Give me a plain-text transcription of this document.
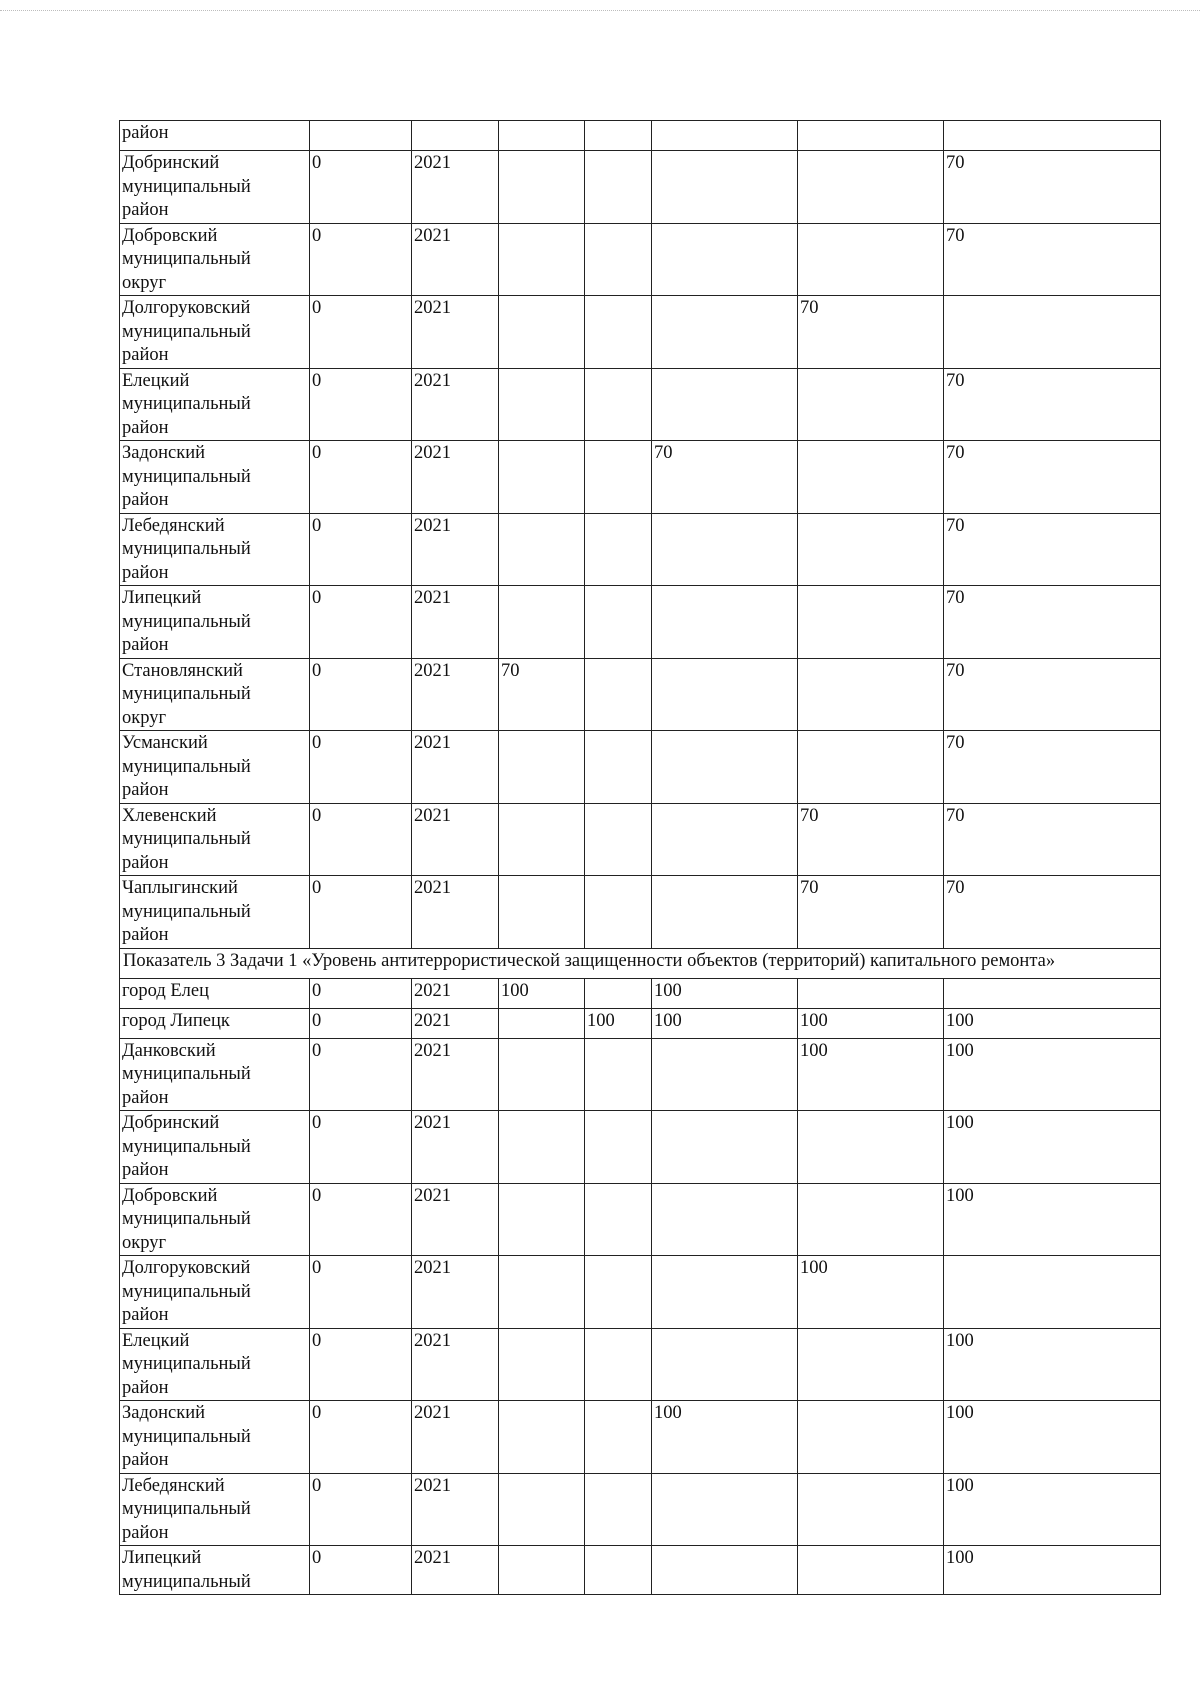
район							
Добринский
муниципальный
район	0	2021					70
Добровский
муниципальный
округ	0	2021					70
Долгоруковский
муниципальный
район	0	2021				70	
Елецкий
муниципальный
район	0	2021					70
Задонский
муниципальный
район	0	2021			70		70
Лебедянский
муниципальный
район	0	2021					70
Липецкий
муниципальный
район	0	2021					70
Становлянский
муниципальный
округ	0	2021	70				70
Усманский
муниципальный
район	0	2021					70
Хлевенский
муниципальный
район	0	2021				70	70
Чаплыгинский
муниципальный
район	0	2021				70	70
Показатель 3 Задачи 1 «Уровень антитеррористической защищенности объектов (территорий) капитального ремонта»							
город Елец	0	2021	100		100		
город Липецк	0	2021		100	100	100	100
Данковский
муниципальный
район	0	2021				100	100
Добринский
муниципальный
район	0	2021					100
Добровский
муниципальный
округ	0	2021					100
Долгоруковский
муниципальный
район	0	2021				100	
Елецкий
муниципальный
район	0	2021					100
Задонский
муниципальный
район	0	2021			100		100
Лебедянский
муниципальный
район	0	2021					100
Липецкий
муниципальный	0	2021					100
